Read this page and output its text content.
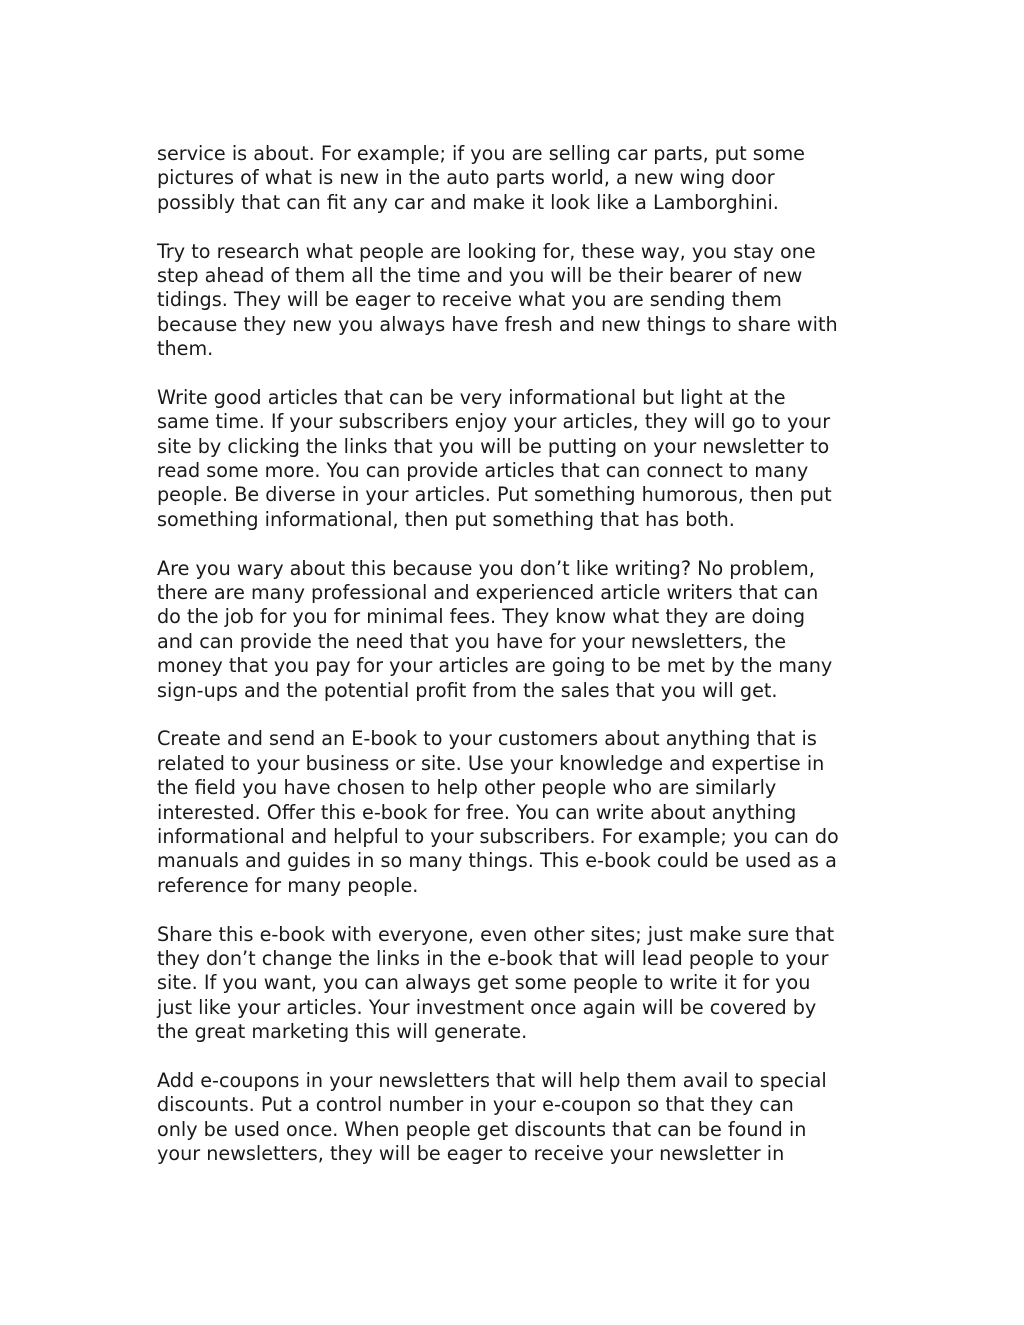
service is about. For example; if you are selling car parts, put some
pictures of what is new in the auto parts world, a new wing door
possibly that can fit any car and make it look like a Lamborghini.

Try to research what people are looking for, these way, you stay one
step ahead of them all the time and you will be their bearer of new
tidings. They will be eager to receive what you are sending them
because they new you always have fresh and new things to share with
them.

Write good articles that can be very informational but light at the
same time. If your subscribers enjoy your articles, they will go to your
site by clicking the links that you will be putting on your newsletter to
read some more. You can provide articles that can connect to many
people. Be diverse in your articles. Put something humorous, then put
something informational, then put something that has both.

Are you wary about this because you don’t like writing? No problem,
there are many professional and experienced article writers that can
do the job for you for minimal fees. They know what they are doing
and can provide the need that you have for your newsletters, the
money that you pay for your articles are going to be met by the many
sign-ups and the potential profit from the sales that you will get.

Create and send an E-book to your customers about anything that is
related to your business or site. Use your knowledge and expertise in
the field you have chosen to help other people who are similarly
interested. Offer this e-book for free. You can write about anything
informational and helpful to your subscribers. For example; you can do
manuals and guides in so many things. This e-book could be used as a
reference for many people.

Share this e-book with everyone, even other sites; just make sure that
they don’t change the links in the e-book that will lead people to your
site. If you want, you can always get some people to write it for you
just like your articles. Your investment once again will be covered by
the great marketing this will generate.

Add e-coupons in your newsletters that will help them avail to special
discounts. Put a control number in your e-coupon so that they can
only be used once. When people get discounts that can be found in
your newsletters, they will be eager to receive your newsletter in
